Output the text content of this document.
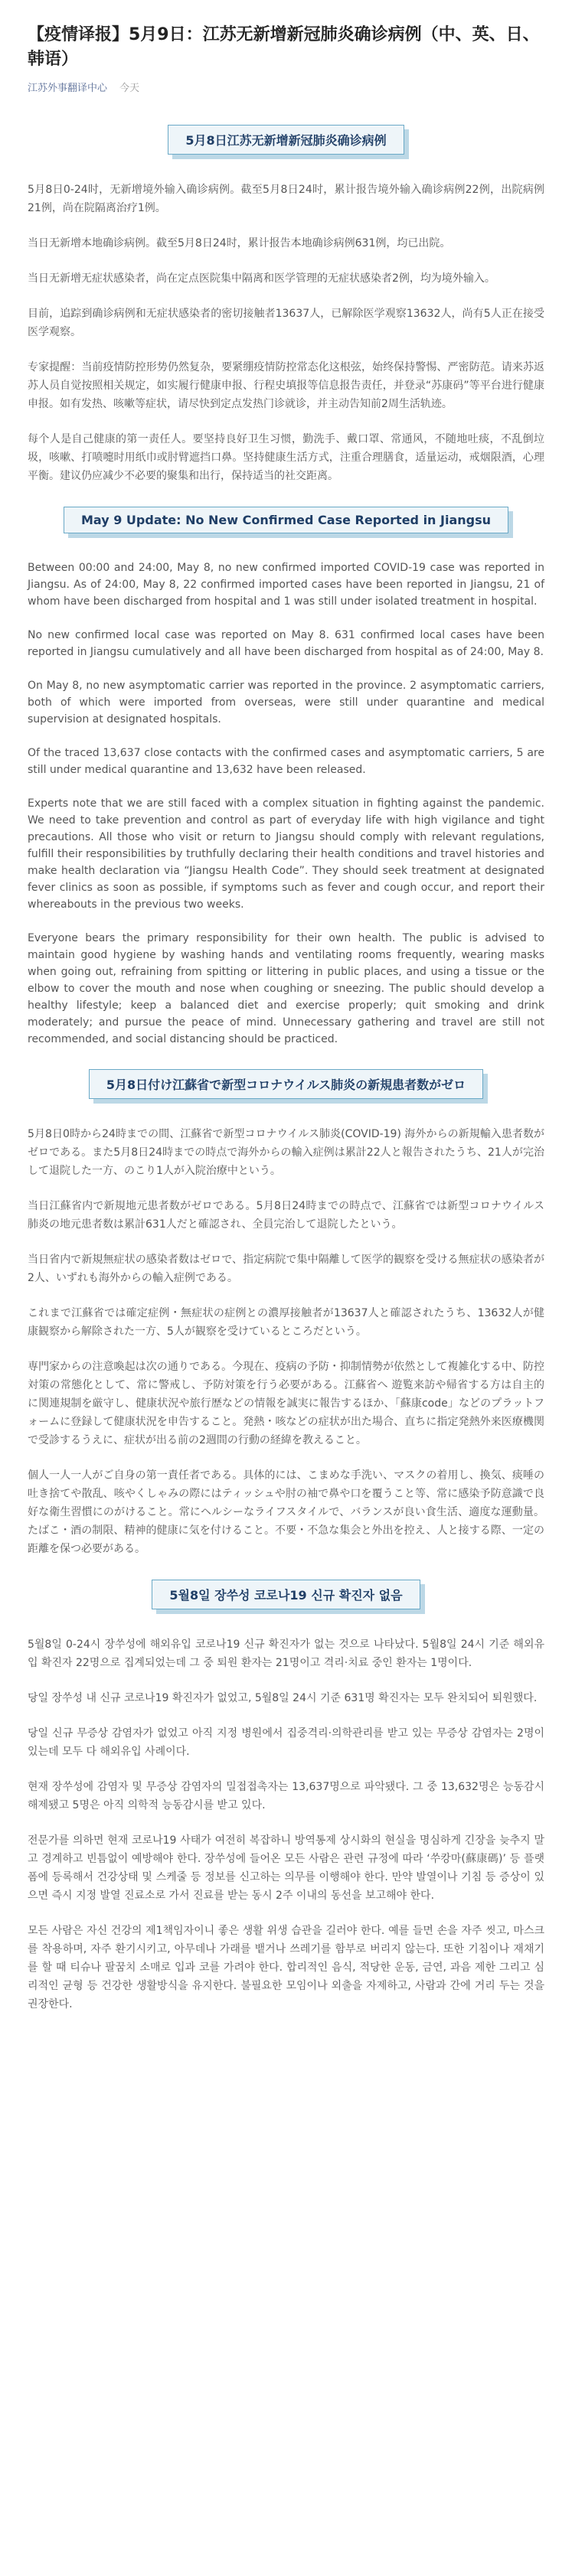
【疫情译报】5月9日：江苏无新增新冠肺炎确诊病例（中、英、日、韩语）
江苏外事翻译中心 今天
5月8日江苏无新增新冠肺炎确诊病例

5月8日0-24时，无新增境外输入确诊病例。截至5月8日24时，累计报告境外输入确诊病例22例，出院病例21例，尚在院隔离治疗1例。

当日无新增本地确诊病例。截至5月8日24时，累计报告本地确诊病例631例，均已出院。

当日无新增无症状感染者，尚在定点医院集中隔离和医学管理的无症状感染者2例，均为境外输入。

目前，追踪到确诊病例和无症状感染者的密切接触者13637人，已解除医学观察13632人，尚有5人正在接受医学观察。

专家提醒：当前疫情防控形势仍然复杂，要紧绷疫情防控常态化这根弦，始终保持警惕、严密防范。请来苏返苏人员自觉按照相关规定，如实履行健康申报、行程史填报等信息报告责任，并登录“苏康码”等平台进行健康申报。如有发热、咳嗽等症状，请尽快到定点发热门诊就诊，并主动告知前2周生活轨迹。

每个人是自己健康的第一责任人。要坚持良好卫生习惯，勤洗手、戴口罩、常通风，不随地吐痰，不乱倒垃圾，咳嗽、打喷嚏时用纸巾或肘臂遮挡口鼻。坚持健康生活方式，注重合理膳食，适量运动，戒烟限酒，心理平衡。建议仍应减少不必要的聚集和出行，保持适当的社交距离。

May 9 Update: No New Confirmed Case Reported in Jiangsu

Between 00:00 and 24:00, May 8, no new confirmed imported COVID-19 case was reported in Jiangsu. As of 24:00, May 8, 22 confirmed imported cases have been reported in Jiangsu, 21 of whom have been discharged from hospital and 1 was still under isolated treatment in hospital.

No new confirmed local case was reported on May 8. 631 confirmed local cases have been reported in Jiangsu cumulatively and all have been discharged from hospital as of 24:00, May 8.

On May 8, no new asymptomatic carrier was reported in the province. 2 asymptomatic carriers, both of which were imported from overseas, were still under quarantine and medical supervision at designated hospitals.

Of the traced 13,637 close contacts with the confirmed cases and asymptomatic carriers, 5 are still under medical quarantine and 13,632 have been released.

Experts note that we are still faced with a complex situation in fighting against the pandemic. We need to take prevention and control as part of everyday life with high vigilance and tight precautions. All those who visit or return to Jiangsu should comply with relevant regulations, fulfill their responsibilities by truthfully declaring their health conditions and travel histories and make health declaration via “Jiangsu Health Code”. They should seek treatment at designated fever clinics as soon as possible, if symptoms such as fever and cough occur, and report their whereabouts in the previous two weeks.

Everyone bears the primary responsibility for their own health. The public is advised to maintain good hygiene by washing hands and ventilating rooms frequently, wearing masks when going out, refraining from spitting or littering in public places, and using a tissue or the elbow to cover the mouth and nose when coughing or sneezing. The public should develop a healthy lifestyle; keep a balanced diet and exercise properly; quit smoking and drink moderately; and pursue the peace of mind. Unnecessary gathering and travel are still not recommended, and social distancing should be practiced.

5月8日付け江蘇省で新型コロナウイルス肺炎の新規患者数がゼロ

5月8日0時から24時までの間、江蘇省で新型コロナウイルス肺炎(COVID-19) 海外からの新規輸入患者数がゼロである。また5月8日24時までの時点で海外からの輸入症例は累計22人と報告されたうち、21人が完治して退院した一方、のこり1人が入院治療中という。

当日江蘇省内で新規地元患者数がゼロである。5月8日24時までの時点で、江蘇省では新型コロナウイルス肺炎の地元患者数は累計631人だと確認され、全員完治して退院したという。

当日省内で新規無症状の感染者数はゼロで、指定病院で集中隔離して医学的観察を受ける無症状の感染者が2人、いずれも海外からの輸入症例である。

これまで江蘇省では確定症例・無症状の症例との濃厚接触者が13637人と確認されたうち、13632人が健康観察から解除された一方、5人が観察を受けているところだという。

専門家からの注意喚起は次の通りである。今現在、疫病の予防・抑制情勢が依然として複雑化する中、防控対策の常態化として、常に警戒し、予防対策を行う必要がある。江蘇省へ 遊覧来訪や帰省する方は自主的に関連規制を厳守し、健康状況や旅行歴などの情報を誠実に報告するほか、「蘇康code」などのプラットフォームに登録して健康状況を申告すること。発熱・咳などの症状が出た場合、直ちに指定発熱外来医療機関で受診するうえに、症状が出る前の2週間の行動の経緯を教えること。

個人一人一人がご自身の第一責任者である。具体的には、こまめな手洗い、マスクの着用し、換気、痰唾の吐き捨てや散乱、咳やくしゃみの際にはティッシュや肘の袖で鼻や口を覆うこと等、常に感染予防意識で良好な衛生習慣にのがけること。常にヘルシーなライフスタイルで、バランスが良い食生活、適度な運動量。たばこ・酒の制限、精神的健康に気を付けること。不要・不急な集会と外出を控え、人と接する際、一定の距離を保つ必要がある。

5월8일 장쑤성 코로나19 신규 확진자 없음

5월8일 0-24시 장쑤성에 해외유입 코로나19 신규 확진자가 없는 것으로 나타났다. 5월8일 24시 기준 해외유입 확진자 22명으로 집계되었는데 그 중 퇴원 환자는 21명이고 격리·치료 중인 환자는 1명이다.

당일 장쑤성 내 신규 코로나19 확진자가 없었고, 5월8일 24시 기준 631명 확진자는 모두 완치되어 퇴원했다.

당일 신규 무증상 감염자가 없었고 아직 지정 병원에서 집중격리·의학관리를 받고 있는 무증상 감염자는 2명이 있는데 모두 다 해외유입 사례이다.

현재 장쑤성에 감염자 및 무증상 감염자의 밀접접촉자는 13,637명으로 파악됐다. 그 중 13,632명은 능동감시 해제됐고 5명은 아직 의학적 능동감시를 받고 있다.

전문가를 의하면 현재 코로나19 사태가 여전히 복잡하니 방역통제 상시화의 현실을 명심하게 긴장을 늦추지 말고 경계하고 빈틈없이 예방해야 한다. 장쑤성에 들어온 모든 사람은 관련 규정에 따라 ‘쑤캉마(蘇康碼)’ 등 플랫폼에 등록해서 건강상태 및 스케줄 등 정보를 신고하는 의무를 이행해야 한다. 만약 발열이나 기침 등 증상이 있으면 즉시 지정 발열 진료소로 가서 진료를 받는 동시 2주 이내의 동선을 보고해야 한다.

모든 사람은 자신 건강의 제1책임자이니 좋은 생활 위생 습관을 길러야 한다. 예를 들면 손을 자주 씻고, 마스크를 착용하며, 자주 환기시키고, 아무데나 가래를 뱉거나 쓰레기를 함부로 버리지 않는다. 또한 기침이나 재채기를 할 때 티슈나 팔꿈치 소매로 입과 코를 가려야 한다. 합리적인 음식, 적당한 운동, 금연, 과음 제한 그리고 심리적인 균형 등 건강한 생활방식을 유지한다. 불필요한 모임이나 외출을 자제하고, 사람과 간에 거리 두는 것을 권장한다.
